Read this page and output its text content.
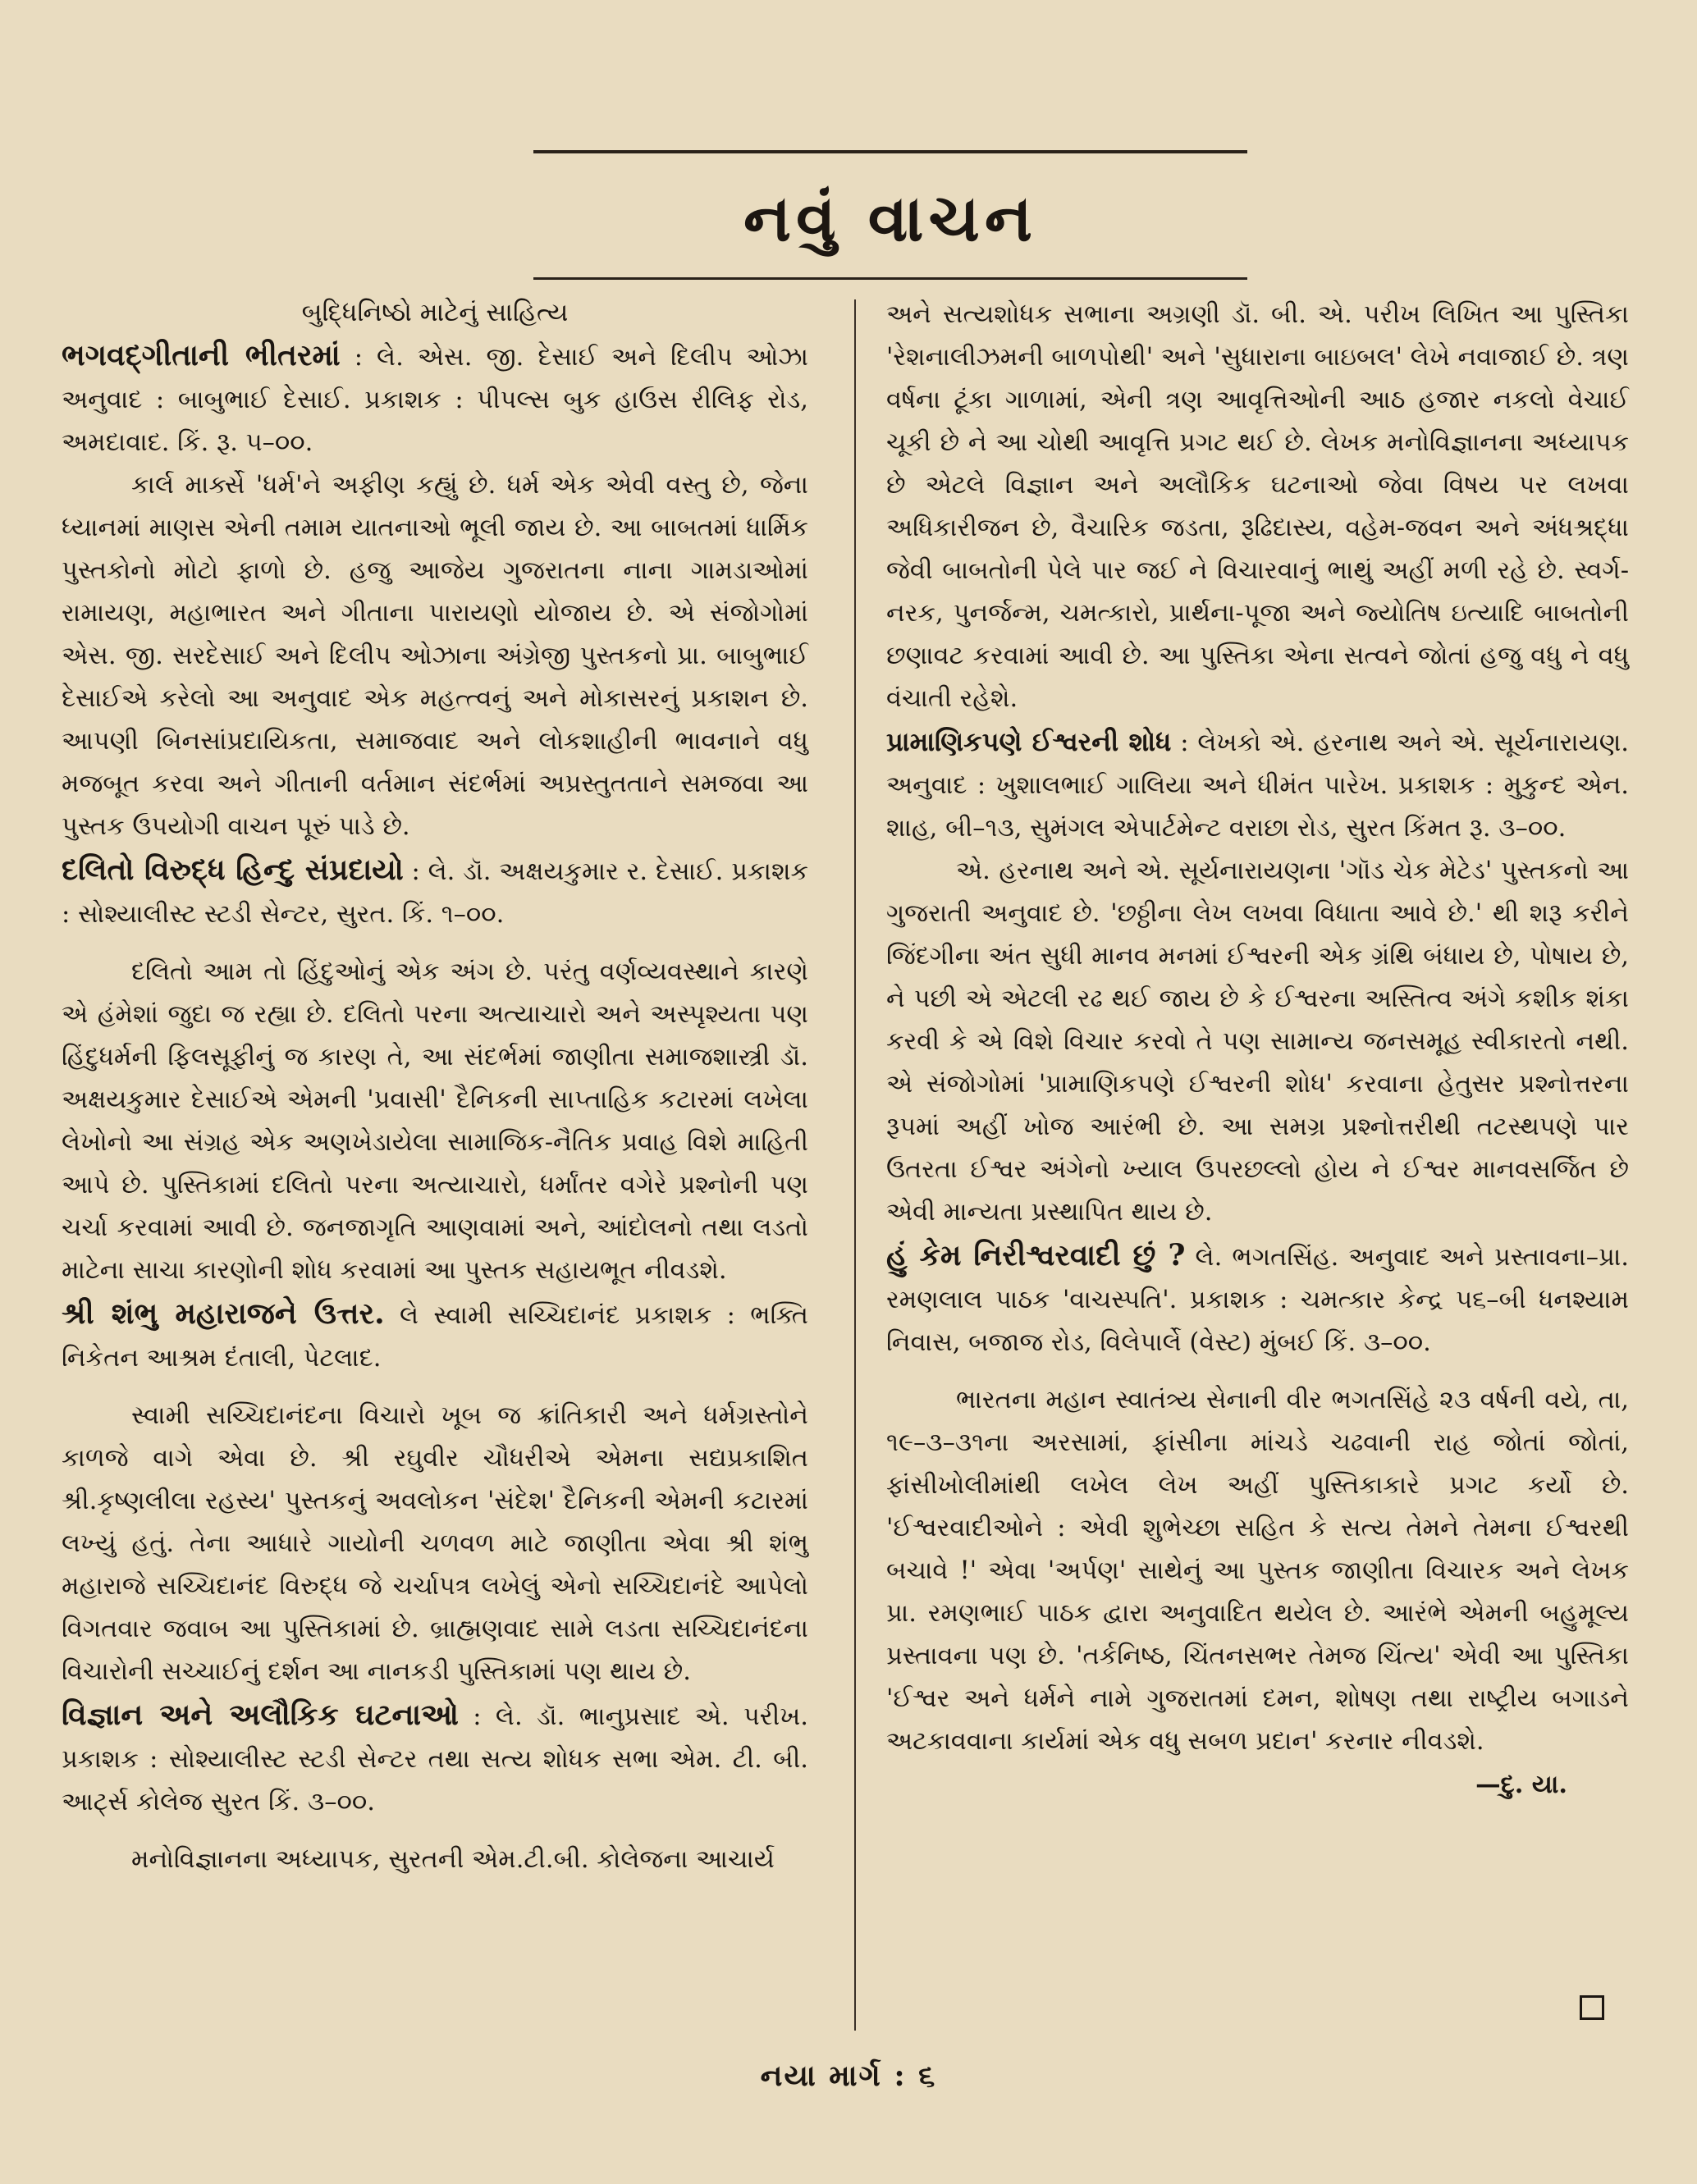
નવું વાચન

બુદ્ધિનિષ્ઠો માટેનું સાહિત્ય

ભગવદ્ગીતાની ભીતરમાં : લે. એસ. જી. દેસાઈ અને દિલીપ ઓઝા અનુવાદ : બાબુભાઈ દેસાઈ. પ્રકાશક : પીપલ્સ બુક હાઉસ રીલિફ રોડ, અમદાવાદ. કિં. રૂ. ૫–૦૦.

કાર્લ માર્ક્સે 'ધર્મ'ને અફીણ કહ્યું છે. ધર્મ એક એવી વસ્તુ છે, જેના ધ્યાનમાં માણસ એની તમામ યાતનાઓ ભૂલી જાય છે. આ બાબતમાં ધાર્મિક પુસ્તકોનો મોટો ફાળો છે. હજુ આજેય ગુજરાતના નાના ગામડાઓમાં રામાયણ, મહાભારત અને ગીતાના પારાયણો યોજાય છે. એ સંજોગોમાં એસ. જી. સરદેસાઈ અને દિલીપ ઓઝાના અંગ્રેજી પુસ્તકનો પ્રા. બાબુભાઈ દેસાઈએ કરેલો આ અનુવાદ એક મહત્ત્વનું અને મોકાસરનું પ્રકાશન છે. આપણી બિનસાંપ્રદાયિકતા, સમાજવાદ અને લોકશાહીની ભાવનાને વધુ મજબૂત કરવા અને ગીતાની વર્તમાન સંદર્ભમાં અપ્રસ્તુતતાને સમજવા આ પુસ્તક ઉપયોગી વાચન પૂરું પાડે છે.

દલિતો વિરુદ્ધ હિન્દુ સંપ્રદાયો : લે. ડૉ. અક્ષયકુમાર ર. દેસાઈ. પ્રકાશક : સોશ્યાલીસ્ટ સ્ટડી સેન્ટર, સુરત. કિં. ૧–૦૦.

દલિતો આમ તો હિંદુઓનું એક અંગ છે. પરંતુ વર્ણવ્યવસ્થાને કારણે એ હંમેશાં જુદા જ રહ્યા છે. દલિતો પરના અત્યાચારો અને અસ્પૃશ્યતા પણ હિંદુધર્મની ફિલસૂફીનું જ કારણ તે, આ સંદર્ભમાં જાણીતા સમાજશાસ્ત્રી ડૉ. અક્ષયકુમાર દેસાઈએ એમની 'પ્રવાસી' દૈનિકની સાપ્તાહિક કટારમાં લખેલા લેખોનો આ સંગ્રહ એક અણખેડાયેલા સામાજિક-નૈતિક પ્રવાહ વિશે માહિતી આપે છે. પુસ્તિકામાં દલિતો પરના અત્યાચારો, ધર્માંતર વગેરે પ્રશ્નોની પણ ચર્ચા કરવામાં આવી છે. જનજાગૃતિ આણવામાં અને, આંદોલનો તથા લડતો માટેના સાચા કારણોની શોધ કરવામાં આ પુસ્તક સહાયભૂત નીવડશે.

શ્રી શંભુ મહારાજને ઉત્તર. લે સ્વામી સચ્ચિદાનંદ પ્રકાશક : ભક્તિ નિકેતન આશ્રમ દંતાલી, પેટલાદ.

સ્વામી સચ્ચિદાનંદના વિચારો ખૂબ જ ક્રાંતિકારી અને ધર્મગ્રસ્તોને કાળજે વાગે એવા છે. શ્રી રઘુવીર ચૌધરીએ એમના સદ્યપ્રકાશિત શ્રી.કૃષ્ણલીલા રહસ્ય' પુસ્તકનું અવલોકન 'સંદેશ' દૈનિકની એમની કટારમાં લખ્યું હતું. તેના આધારે ગાયોની ચળવળ માટે જાણીતા એવા શ્રી શંભુ મહારાજે સચ્ચિદાનંદ વિરુદ્ધ જે ચર્ચાપત્ર લખેલું એનો સચ્ચિદાનંદે આપેલો વિગતવાર જવાબ આ પુસ્તિકામાં છે. બ્રાહ્મણવાદ સામે લડતા સચ્ચિદાનંદના વિચારોની સચ્ચાઈનું દર્શન આ નાનકડી પુસ્તિકામાં પણ થાય છે.

વિજ્ઞાન અને અલૌકિક ઘટનાઓ : લે. ડૉ. ભાનુપ્રસાદ એ. પરીખ. પ્રકાશક : સોશ્યાલીસ્ટ સ્ટડી સેન્ટર તથા સત્ય શોધક સભા એમ. ટી. બી. આર્ટ્સ કોલેજ સુરત કિં. ૩–૦૦.

મનોવિજ્ઞાનના અધ્યાપક, સુરતની એમ.ટી.બી. કોલેજના આચાર્ય

અને સત્યશોધક સભાના અગ્રણી ડૉ. બી. એ. પરીખ લિખિત આ પુસ્તિકા 'રેશનાલીઝમની બાળપોથી' અને 'સુધારાના બાઇબલ' લેખે નવાજાઈ છે. ત્રણ વર્ષના ટૂંકા ગાળામાં, એની ત્રણ આવૃત્તિઓની આઠ હજાર નકલો વેચાઈ ચૂકી છે ને આ ચોથી આવૃત્તિ પ્રગટ થઈ છે. લેખક મનોવિજ્ઞાનના અધ્યાપક છે એટલે વિજ્ઞાન અને અલૌકિક ઘટનાઓ જેવા વિષય પર લખવા અધિકારીજન છે, વૈચારિક જડતા, રૂઢિદાસ્ય, વહેમ-જવન અને અંધશ્રદ્ધા જેવી બાબતોની પેલે પાર જઈ ને વિચારવાનું ભાથું અહીં મળી રહે છે. સ્વર્ગ-નરક, પુનર્જન્મ, ચમત્કારો, પ્રાર્થના-પૂજા અને જ્યોતિષ ઇત્યાદિ બાબતોની છણાવટ કરવામાં આવી છે. આ પુસ્તિકા એના સત્વને જોતાં હજુ વધુ ને વધુ વંચાતી રહેશે.

પ્રામાણિકપણે ઈશ્વરની શોધ : લેખકો એ. હરનાથ અને એ. સૂર્યનારાયણ. અનુવાદ : ખુશાલભાઈ ગાલિયા અને ધીમંત પારેખ. પ્રકાશક : મુકુન્દ એન. શાહ, બી–૧૩, સુમંગલ એપાર્ટમેન્ટ વરાછા રોડ, સુરત કિંમત રૂ. ૩–૦૦.

એ. હરનાથ અને એ. સૂર્યનારાયણના 'ગૉડ ચેક મેટેડ' પુસ્તકનો આ ગુજરાતી અનુવાદ છે. 'છઠ્ઠીના લેખ લખવા વિધાતા આવે છે.' થી શરૂ કરીને જિંદગીના અંત સુધી માનવ મનમાં ઈશ્વરની એક ગ્રંથિ બંધાય છે, પોષાય છે, ને પછી એ એટલી રઢ થઈ જાય છે કે ઈશ્વરના અસ્તિત્વ અંગે કશીક શંકા કરવી કે એ વિશે વિચાર કરવો તે પણ સામાન્ય જનસમૂહ સ્વીકારતો નથી. એ સંજોગોમાં 'પ્રામાણિકપણે ઈશ્વરની શોધ' કરવાના હેતુસર પ્રશ્નોત્તરના રૂપમાં અહીં ખોજ આરંભી છે. આ સમગ્ર પ્રશ્નોત્તરીથી તટસ્થપણે પાર ઉતરતા ઈશ્વર અંગેનો ખ્યાલ ઉપરછલ્લો હોય ને ઈશ્વર માનવસર્જિત છે એવી માન્યતા પ્રસ્થાપિત થાય છે.

હું કેમ નિરીશ્વરવાદી છું ? લે. ભગતસિંહ. અનુવાદ અને પ્રસ્તાવના–પ્રા. રમણલાલ પાઠક 'વાચસ્પતિ'. પ્રકાશક : ચમત્કાર કેન્દ્ર ૫૬–બી ધનશ્યામ નિવાસ, બજાજ રોડ, વિલેપાર્લે (વેસ્ટ) મુંબઈ કિં. ૩–૦૦.

ભારતના મહાન સ્વાતંત્ર્ય સેનાની વીર ભગતસિંહે ૨૩ વર્ષની વયે, તા, ૧૯–૩–૩૧ના અરસામાં, ફાંસીના માંચડે ચઢવાની રાહ જોતાં જોતાં, ફાંસીખોલીમાંથી લખેલ લેખ અહીં પુસ્તિકાકારે પ્રગટ કર્યો છે. 'ઈશ્વરવાદીઓને : એવી શુભેચ્છા સહિત કે સત્ય તેમને તેમના ઈશ્વરથી બચાવે !' એવા 'અર્પણ' સાથેનું આ પુસ્તક જાણીતા વિચારક અને લેખક પ્રા. રમણભાઈ પાઠક દ્વારા અનુવાદિત થયેલ છે. આરંભે એમની બહુમૂલ્ય પ્રસ્તાવના પણ છે. 'તર્કનિષ્ઠ, ચિંતનસભર તેમજ ચિંત્ય' એવી આ પુસ્તિકા 'ઈશ્વર અને ધર્મને નામે ગુજરાતમાં દમન, શોષણ તથા રાષ્ટ્રીય બગાડને અટકાવવાના કાર્યમાં એક વધુ સબળ પ્રદાન' કરનાર નીવડશે.

—દુ. યા.

નયા માર્ગ : ૬
